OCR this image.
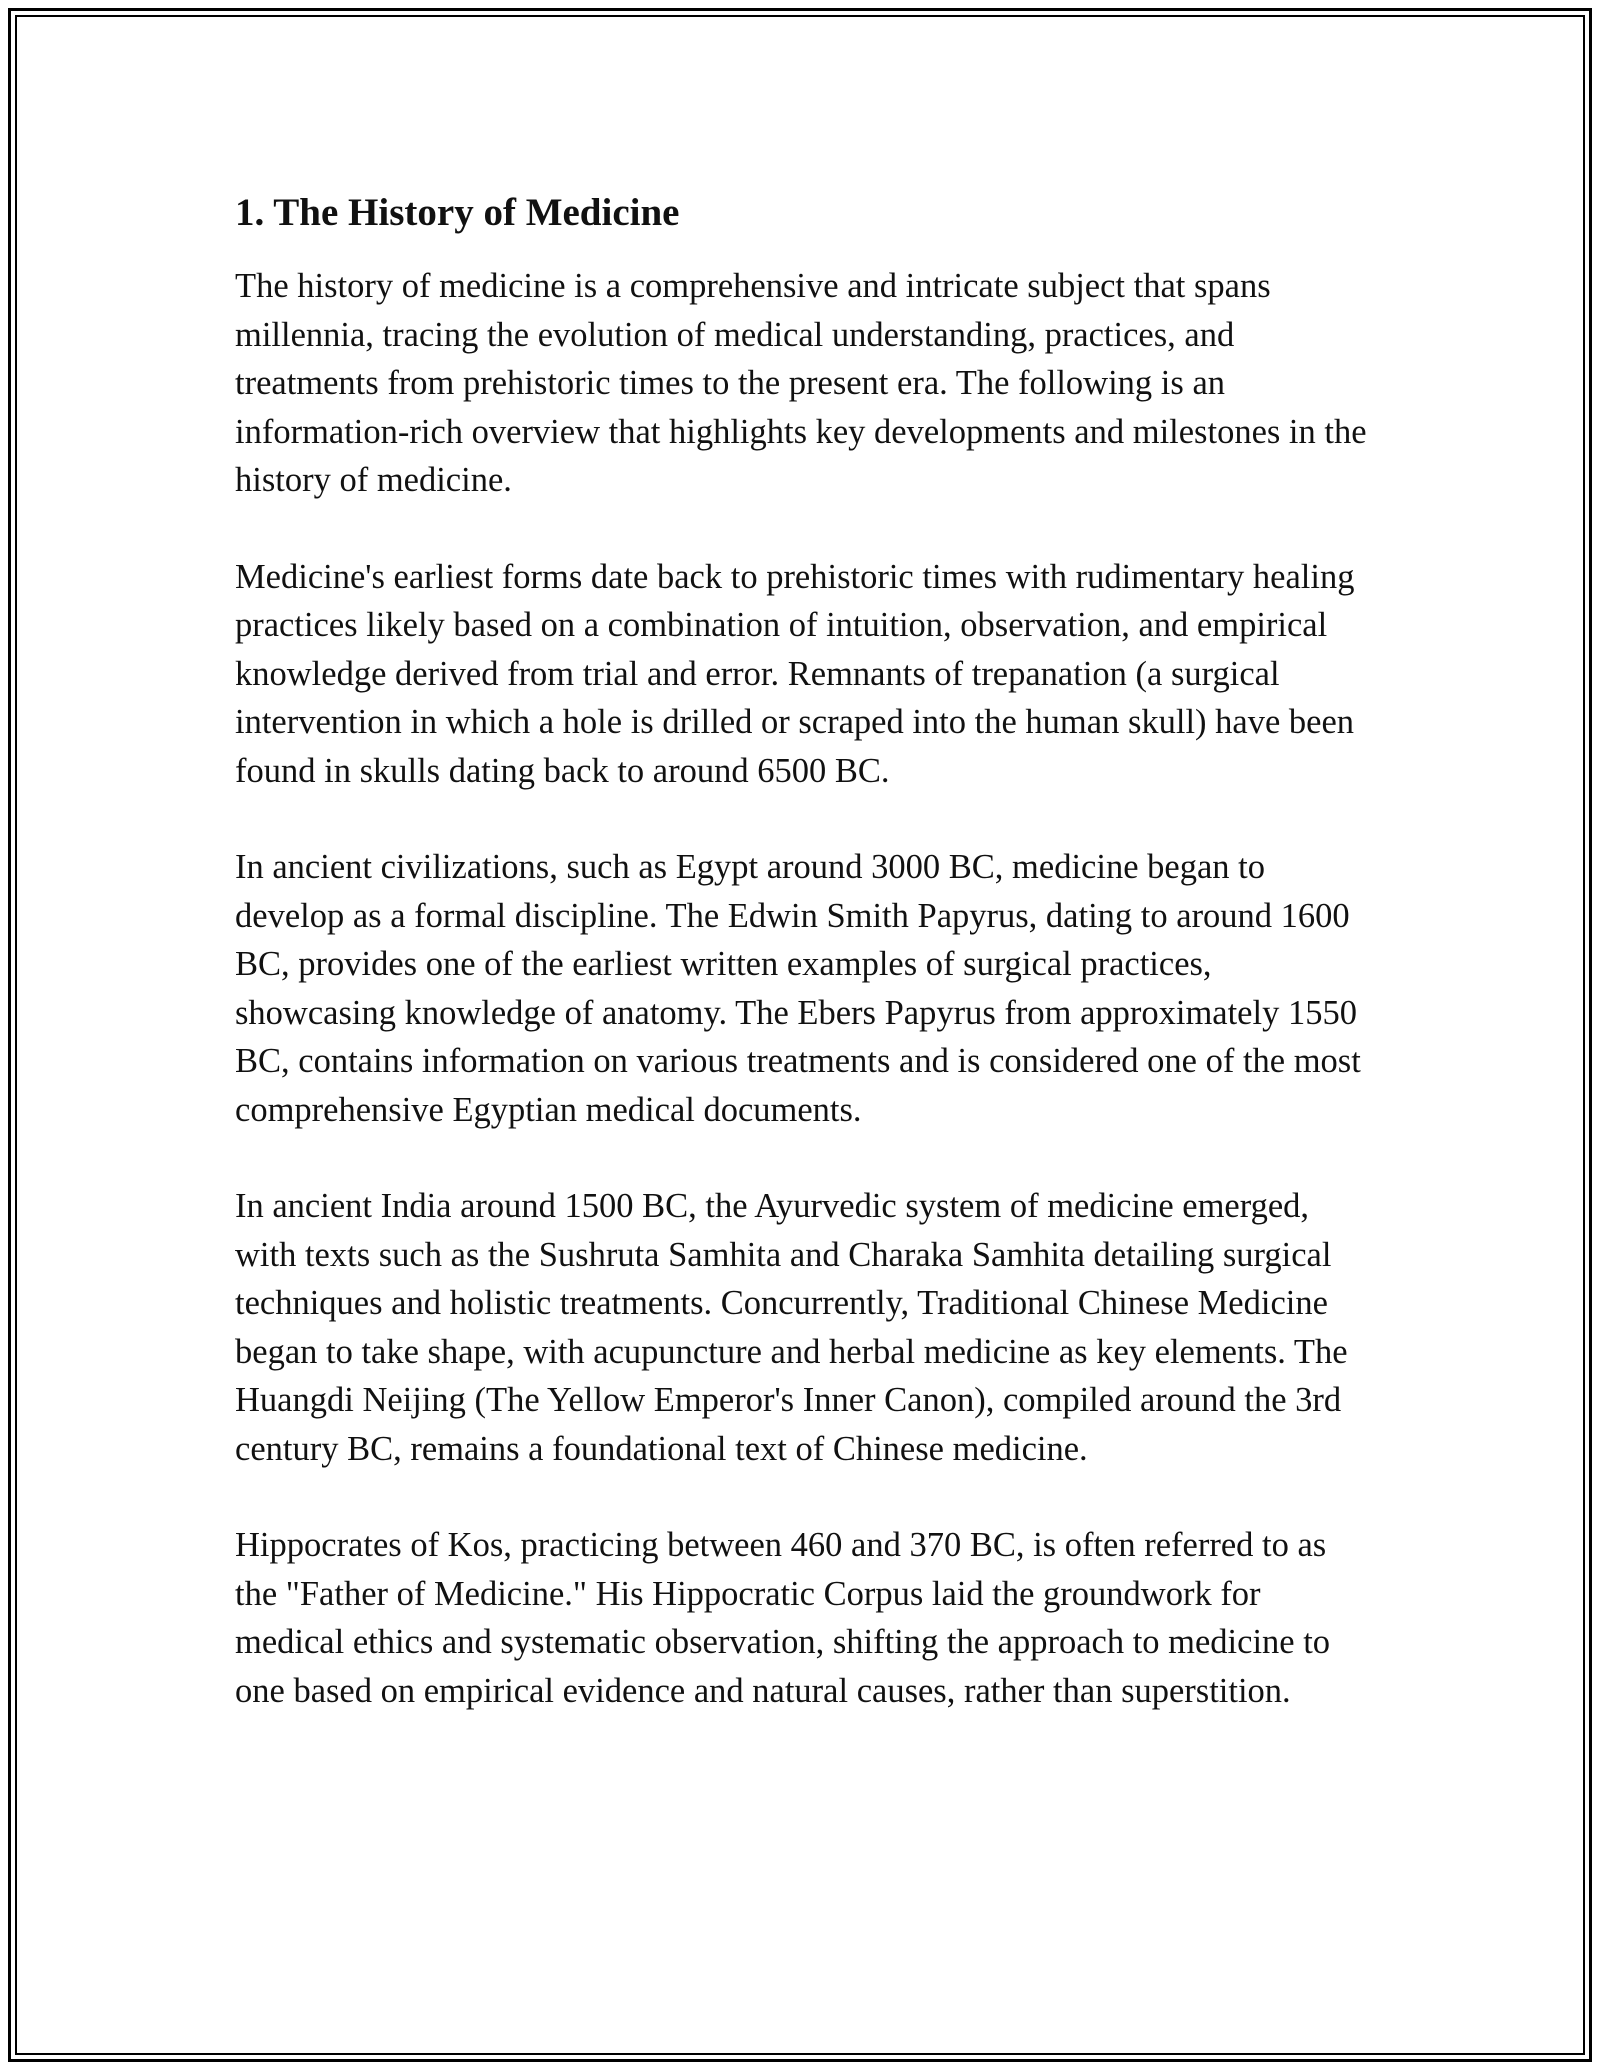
1. The History of Medicine

The history of medicine is a comprehensive and intricate subject that spans millennia, tracing the evolution of medical understanding, practices, and treatments from prehistoric times to the present era. The following is an information-rich overview that highlights key developments and milestones in the history of medicine.

Medicine's earliest forms date back to prehistoric times with rudimentary healing practices likely based on a combination of intuition, observation, and empirical knowledge derived from trial and error. Remnants of trepanation (a surgical intervention in which a hole is drilled or scraped into the human skull) have been found in skulls dating back to around 6500 BC.

In ancient civilizations, such as Egypt around 3000 BC, medicine began to develop as a formal discipline. The Edwin Smith Papyrus, dating to around 1600 BC, provides one of the earliest written examples of surgical practices, showcasing knowledge of anatomy. The Ebers Papyrus from approximately 1550 BC, contains information on various treatments and is considered one of the most comprehensive Egyptian medical documents.

In ancient India around 1500 BC, the Ayurvedic system of medicine emerged, with texts such as the Sushruta Samhita and Charaka Samhita detailing surgical techniques and holistic treatments. Concurrently, Traditional Chinese Medicine began to take shape, with acupuncture and herbal medicine as key elements. The Huangdi Neijing (The Yellow Emperor's Inner Canon), compiled around the 3rd century BC, remains a foundational text of Chinese medicine.

Hippocrates of Kos, practicing between 460 and 370 BC, is often referred to as the "Father of Medicine." His Hippocratic Corpus laid the groundwork for medical ethics and systematic observation, shifting the approach to medicine to one based on empirical evidence and natural causes, rather than superstition.
